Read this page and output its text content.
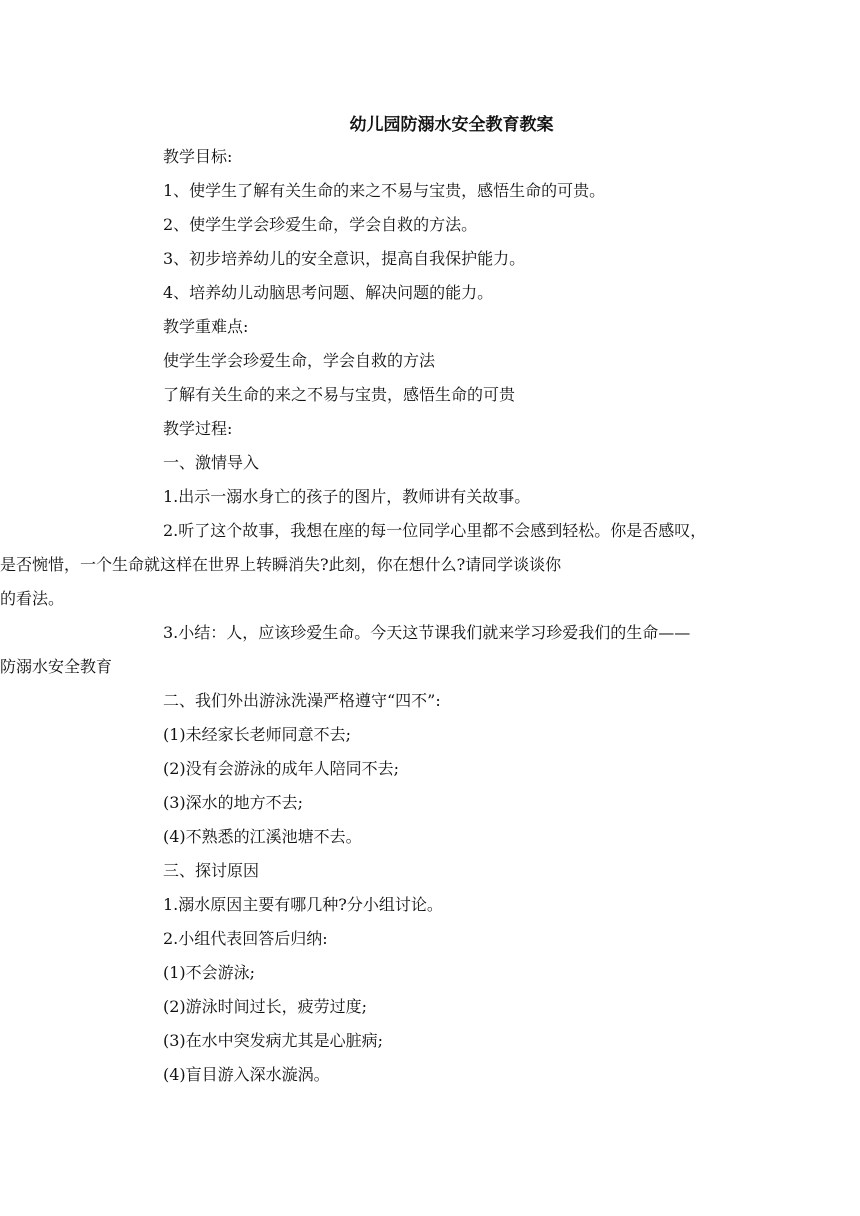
幼儿园防溺水安全教育教案
教学目标:
1、使学生了解有关生命的来之不易与宝贵，感悟生命的可贵。
2、使学生学会珍爱生命，学会自救的方法。
3、初步培养幼儿的安全意识，提高自我保护能力。
4、培养幼儿动脑思考问题、解决问题的能力。
教学重难点:
使学生学会珍爱生命，学会自救的方法
了解有关生命的来之不易与宝贵，感悟生命的可贵
教学过程:
一、激情导入
1.出示一溺水身亡的孩子的图片，教师讲有关故事。
2.听了这个故事，我想在座的每一位同学心里都不会感到轻松。你是否感叹，
是否惋惜，一个生命就这样在世界上转瞬消失?此刻，你在想什么?请同学谈谈你
的看法。
3.小结：人，应该珍爱生命。今天这节课我们就来学习珍爱我们的生命——
防溺水安全教育
二、我们外出游泳洗澡严格遵守“四不”:
(1)未经家长老师同意不去;
(2)没有会游泳的成年人陪同不去;
(3)深水的地方不去;
(4)不熟悉的江溪池塘不去。
三、探讨原因
1.溺水原因主要有哪几种?分小组讨论。
2.小组代表回答后归纳:
(1)不会游泳;
(2)游泳时间过长，疲劳过度;
(3)在水中突发病尤其是心脏病;
(4)盲目游入深水漩涡。
